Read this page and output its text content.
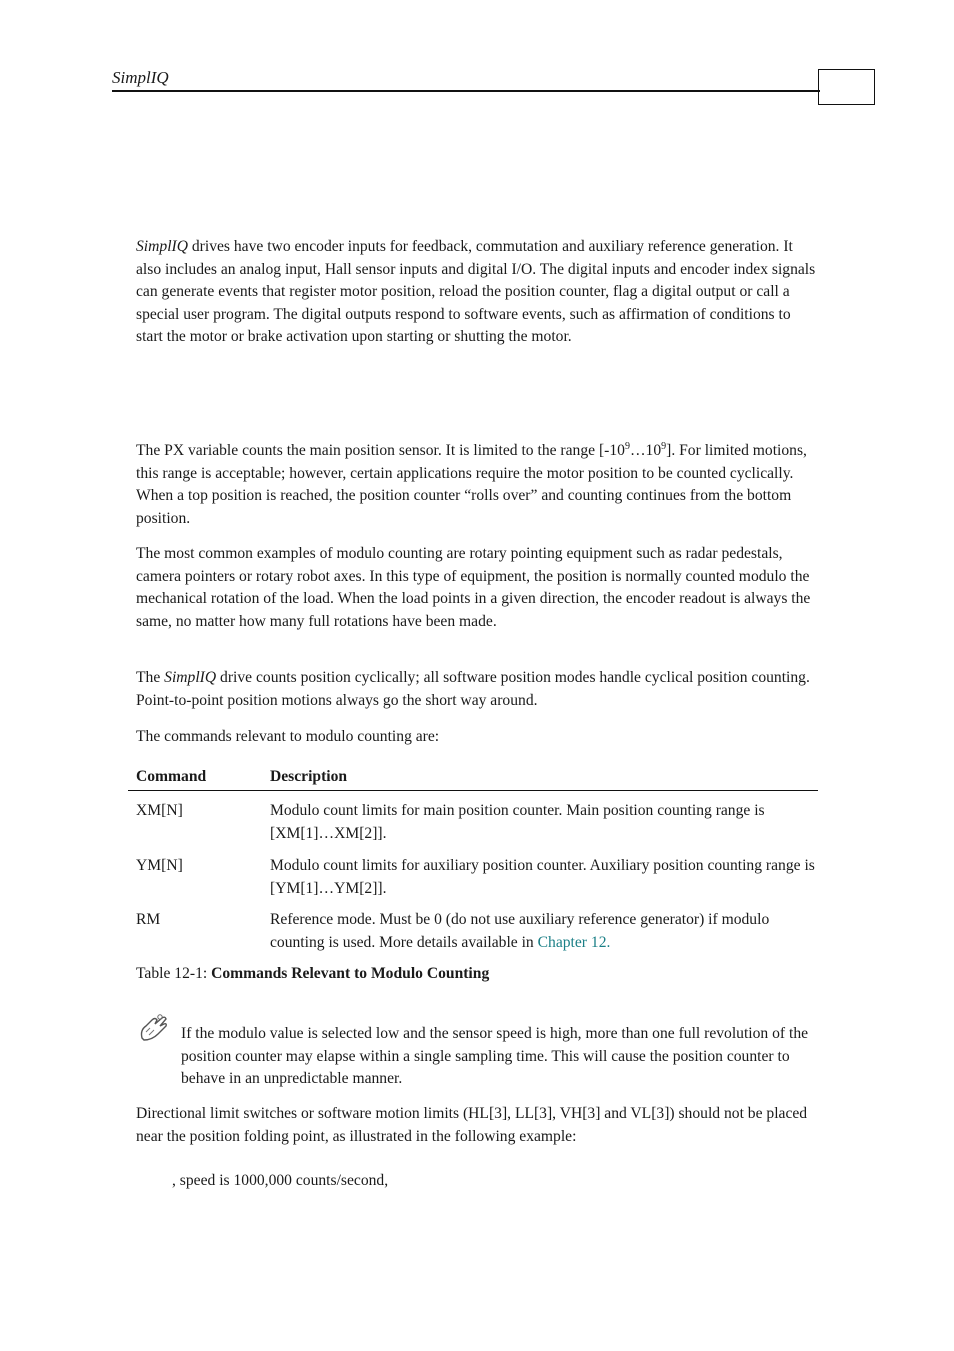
SimplIQ

SimplIQ drives have two encoder inputs for feedback, commutation and auxiliary reference generation. It also includes an analog input, Hall sensor inputs and digital I/O. The digital inputs and encoder index signals can generate events that register motor position, reload the position counter, flag a digital output or call a special user program. The digital outputs respond to software events, such as affirmation of conditions to start the motor or brake activation upon starting or shutting the motor.

The PX variable counts the main position sensor. It is limited to the range $[-10^9\dots 10^9]$. For limited motions, this range is acceptable; however, certain applications require the motor position to be counted cyclically. When a top position is reached, the position counter “rolls over” and counting continues from the bottom position.

The most common examples of modulo counting are rotary pointing equipment such as radar pedestals, camera pointers or rotary robot axes. In this type of equipment, the position is normally counted modulo the mechanical rotation of the load. When the load points in a given direction, the encoder readout is always the same, no matter how many full rotations have been made.

The SimplIQ drive counts position cyclically; all software position modes handle cyclical position counting. Point-to-point position motions always go the short way around.

The commands relevant to modulo counting are:

Command	Description
XM[N]	Modulo count limits for main position counter. Main position counting range is [XM[1]…XM[2]].
YM[N]	Modulo count limits for auxiliary position counter. Auxiliary position counting range is [YM[1]…YM[2]].
RM	Reference mode. Must be 0 (do not use auxiliary reference generator) if modulo counting is used. More details available in Chapter 12.
Table 12-1: Commands Relevant to Modulo Counting

If the modulo value is selected low and the sensor speed is high, more than one full revolution of the position counter may elapse within a single sampling time. This will cause the position counter to behave in an unpredictable manner.

Directional limit switches or software motion limits (HL[3], LL[3], VH[3] and VL[3]) should not be placed near the position folding point, as illustrated in the following example:

, speed is 1000,000 counts/second,
